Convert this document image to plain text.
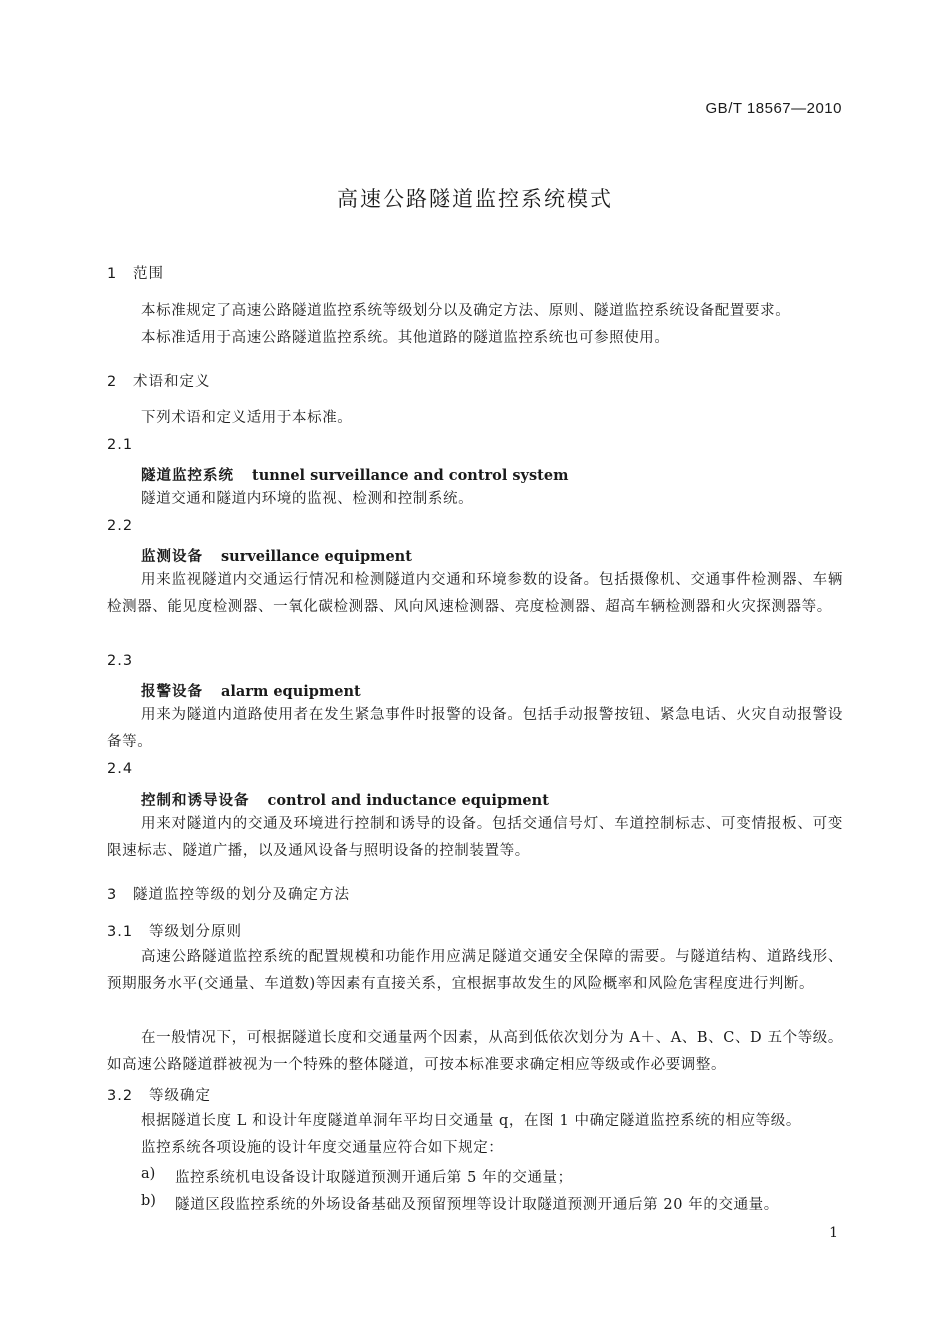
GB/T 18567—2010
高速公路隧道监控系统模式
1 范围
本标准规定了高速公路隧道监控系统等级划分以及确定方法、原则、隧道监控系统设备配置要求。
本标准适用于高速公路隧道监控系统。其他道路的隧道监控系统也可参照使用。
2 术语和定义
下列术语和定义适用于本标准。
2.1
隧道监控系统 tunnel surveillance and control system
隧道交通和隧道内环境的监视、检测和控制系统。
2.2
监测设备 surveillance equipment
用来监视隧道内交通运行情况和检测隧道内交通和环境参数的设备。包括摄像机、交通事件检测器、车辆检测器、能见度检测器、一氧化碳检测器、风向风速检测器、亮度检测器、超高车辆检测器和火灾探测器等。
2.3
报警设备 alarm equipment
用来为隧道内道路使用者在发生紧急事件时报警的设备。包括手动报警按钮、紧急电话、火灾自动报警设备等。
2.4
控制和诱导设备 control and inductance equipment
用来对隧道内的交通及环境进行控制和诱导的设备。包括交通信号灯、车道控制标志、可变情报板、可变限速标志、隧道广播，以及通风设备与照明设备的控制装置等。
3 隧道监控等级的划分及确定方法
3.1 等级划分原则
高速公路隧道监控系统的配置规模和功能作用应满足隧道交通安全保障的需要。与隧道结构、道路线形、预期服务水平(交通量、车道数)等因素有直接关系，宜根据事故发生的风险概率和风险危害程度进行判断。
在一般情况下，可根据隧道长度和交通量两个因素，从高到低依次划分为 A＋、A、B、C、D 五个等级。如高速公路隧道群被视为一个特殊的整体隧道，可按本标准要求确定相应等级或作必要调整。
3.2 等级确定
根据隧道长度 L 和设计年度隧道单洞年平均日交通量 q，在图 1 中确定隧道监控系统的相应等级。
监控系统各项设施的设计年度交通量应符合如下规定：
a) 监控系统机电设备设计取隧道预测开通后第 5 年的交通量；
b) 隧道区段监控系统的外场设备基础及预留预埋等设计取隧道预测开通后第 20 年的交通量。
1
